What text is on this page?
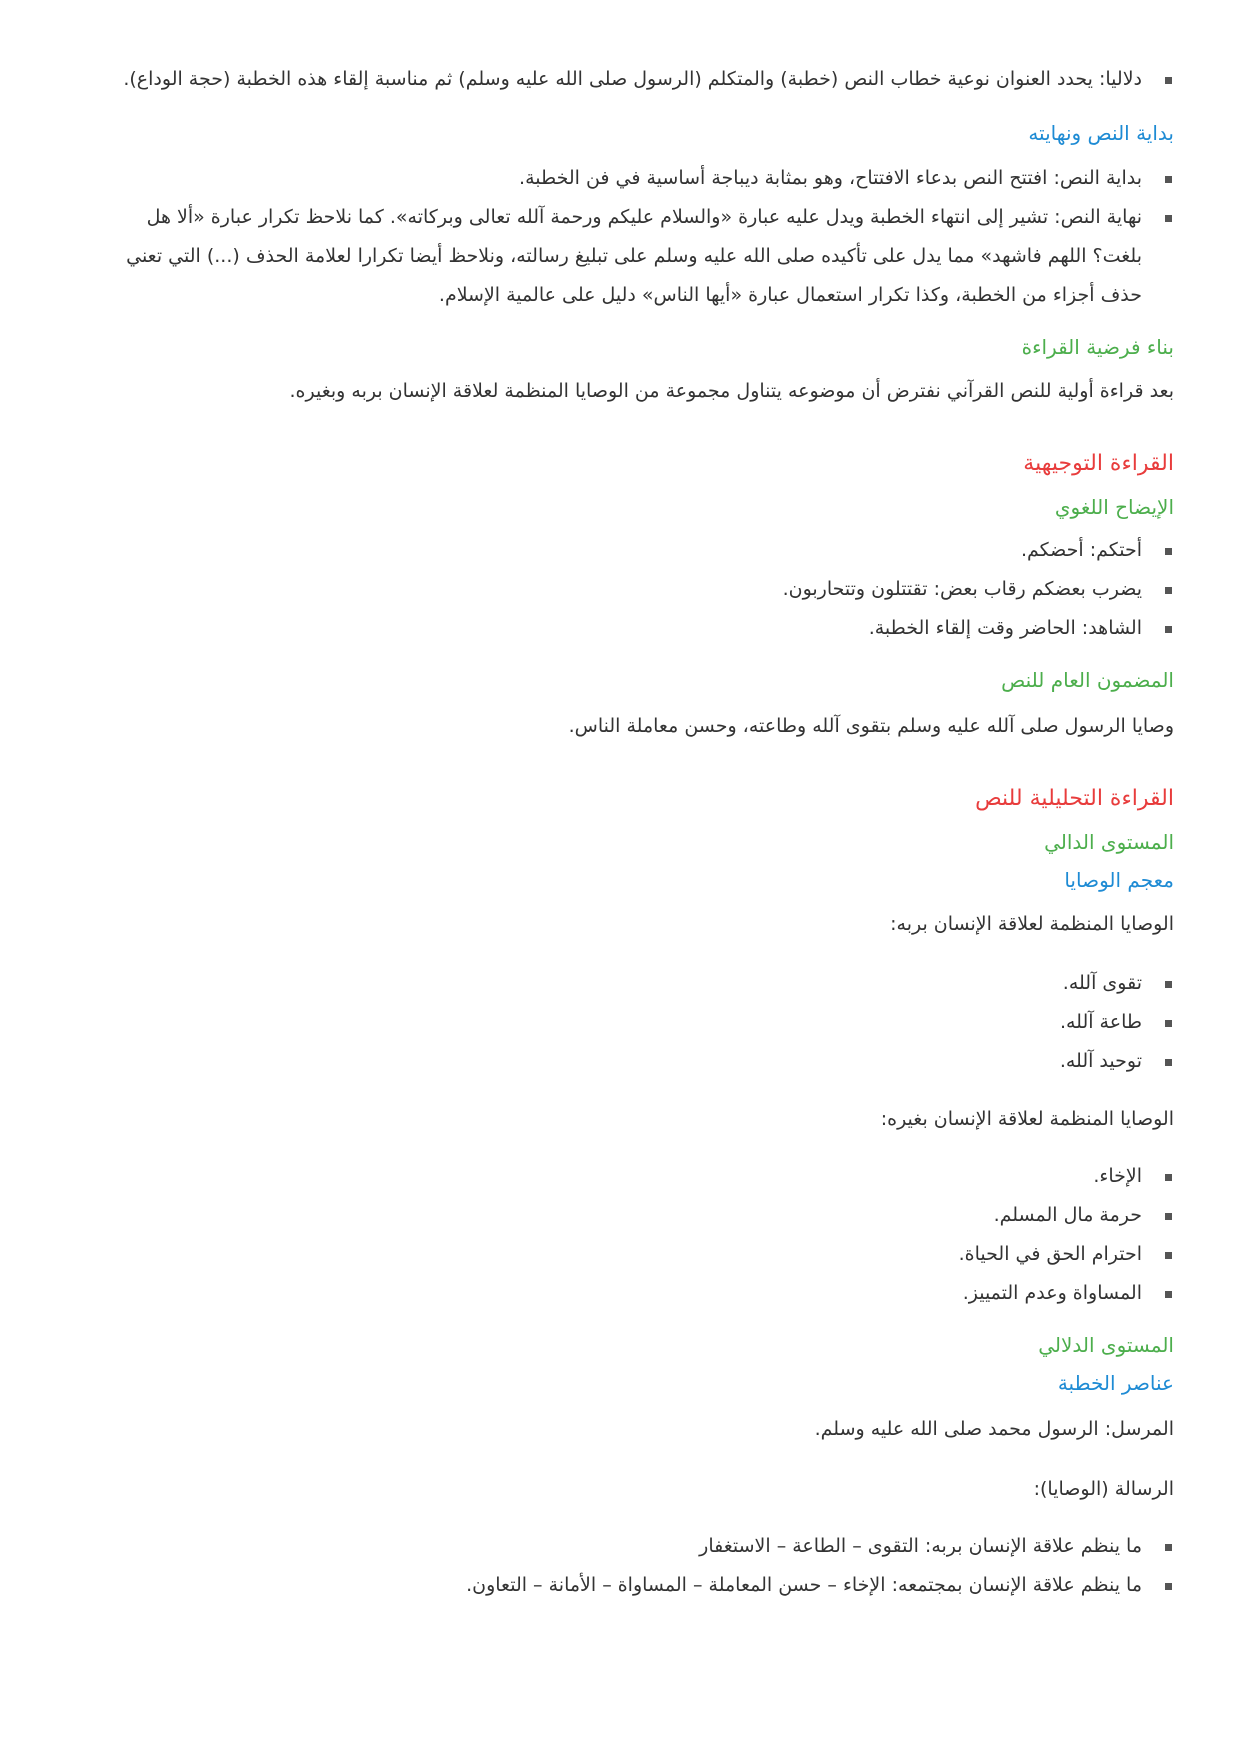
دلاليا: يحدد العنوان نوعية خطاب النص (خطبة) والمتكلم (الرسول صلى الله عليه وسلم) ثم مناسبة إلقاء هذه الخطبة (حجة الوداع).
بداية النص ونهايته
بداية النص: افتتح النص بدعاء الافتتاح، وهو بمثابة ديباجة أساسية في فن الخطبة.
نهاية النص: تشير إلى انتهاء الخطبة ويدل عليه عبارة «والسلام عليكم ورحمة آلله تعالى وبركاته». كما نلاحظ تكرار عبارة «ألا هل بلغت؟ اللهم فاشهد» مما يدل على تأكيده صلى الله عليه وسلم على تبليغ رسالته، ونلاحظ أيضا تكرارا لعلامة الحذف (...) التي تعني حذف أجزاء من الخطبة، وكذا تكرار استعمال عبارة «أيها الناس» دليل على عالمية الإسلام.
بناء فرضية القراءة

بعد قراءة أولية للنص القرآني نفترض أن موضوعه يتناول مجموعة من الوصايا المنظمة لعلاقة الإنسان بربه وبغيره.

القراءة التوجيهية
الإيضاح اللغوي
أحتكم: أحضكم.
يضرب بعضكم رقاب بعض: تقتتلون وتتحاربون.
الشاهد: الحاضر وقت إلقاء الخطبة.
المضمون العام للنص

وصايا الرسول صلى آلله عليه وسلم بتقوى آلله وطاعته، وحسن معاملة الناس.

القراءة التحليلية للنص
المستوى الدالي
معجم الوصايا

الوصايا المنظمة لعلاقة الإنسان بربه:

تقوى آلله.
طاعة آلله.
توحيد آلله.

الوصايا المنظمة لعلاقة الإنسان بغيره:

الإخاء.
حرمة مال المسلم.
احترام الحق في الحياة.
المساواة وعدم التمييز.
المستوى الدلالي
عناصر الخطبة

المرسل: الرسول محمد صلى الله عليه وسلم.

الرسالة (الوصايا):

ما ينظم علاقة الإنسان بربه: التقوى – الطاعة – الاستغفار
ما ينظم علاقة الإنسان بمجتمعه: الإخاء – حسن المعاملة – المساواة – الأمانة – التعاون.
